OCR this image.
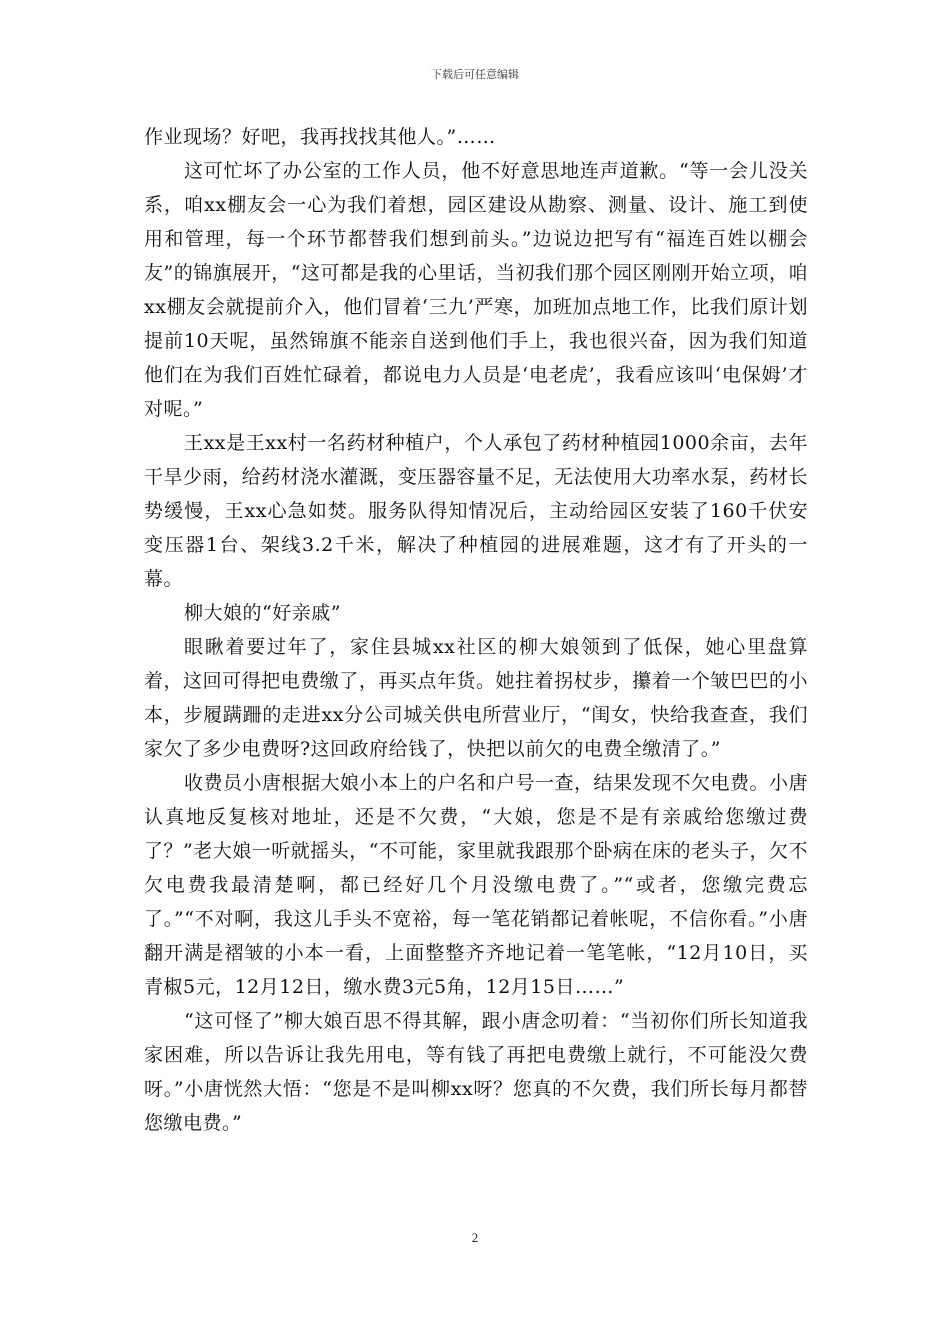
下载后可任意编辑

作业现场？好吧，我再找找其他人。”……

这可忙坏了办公室的工作人员，他不好意思地连声道歉。“等一会儿没关系，咱xx棚友会一心为我们着想，园区建设从勘察、测量、设计、施工到使用和管理，每一个环节都替我们想到前头。”边说边把写有“福连百姓以棚会友”的锦旗展开，“这可都是我的心里话，当初我们那个园区刚刚开始立项，咱xx棚友会就提前介入，他们冒着‘三九’严寒，加班加点地工作，比我们原计划提前10天呢，虽然锦旗不能亲自送到他们手上，我也很兴奋，因为我们知道他们在为我们百姓忙碌着，都说电力人员是‘电老虎’，我看应该叫‘电保姆’才对呢。”

王xx是王xx村一名药材种植户，个人承包了药材种植园1000余亩，去年干旱少雨，给药材浇水灌溉，变压器容量不足，无法使用大功率水泵，药材长势缓慢，王xx心急如焚。服务队得知情况后，主动给园区安装了160千伏安变压器1台、架线3.2千米，解决了种植园的进展难题，这才有了开头的一幕。

柳大娘的“好亲戚”

眼瞅着要过年了，家住县城xx社区的柳大娘领到了低保，她心里盘算着，这回可得把电费缴了，再买点年货。她拄着拐杖步，攥着一个皱巴巴的小本，步履蹒跚的走进xx分公司城关供电所营业厅，“闺女，快给我查查，我们家欠了多少电费呀?这回政府给钱了，快把以前欠的电费全缴清了。”

收费员小唐根据大娘小本上的户名和户号一查，结果发现不欠电费。小唐认真地反复核对地址，还是不欠费，“大娘，您是不是有亲戚给您缴过费了？”老大娘一听就摇头，“不可能，家里就我跟那个卧病在床的老头子，欠不欠电费我最清楚啊，都已经好几个月没缴电费了。”“或者，您缴完费忘了。”“不对啊，我这儿手头不宽裕，每一笔花销都记着帐呢，不信你看。”小唐翻开满是褶皱的小本一看，上面整整齐齐地记着一笔笔帐，“12月10日，买青椒5元，12月12日，缴水费3元5角，12月15日……”

“这可怪了”柳大娘百思不得其解，跟小唐念叨着：“当初你们所长知道我家困难，所以告诉让我先用电，等有钱了再把电费缴上就行，不可能没欠费呀。”小唐恍然大悟：“您是不是叫柳xx呀？您真的不欠费，我们所长每月都替您缴电费。”

2
